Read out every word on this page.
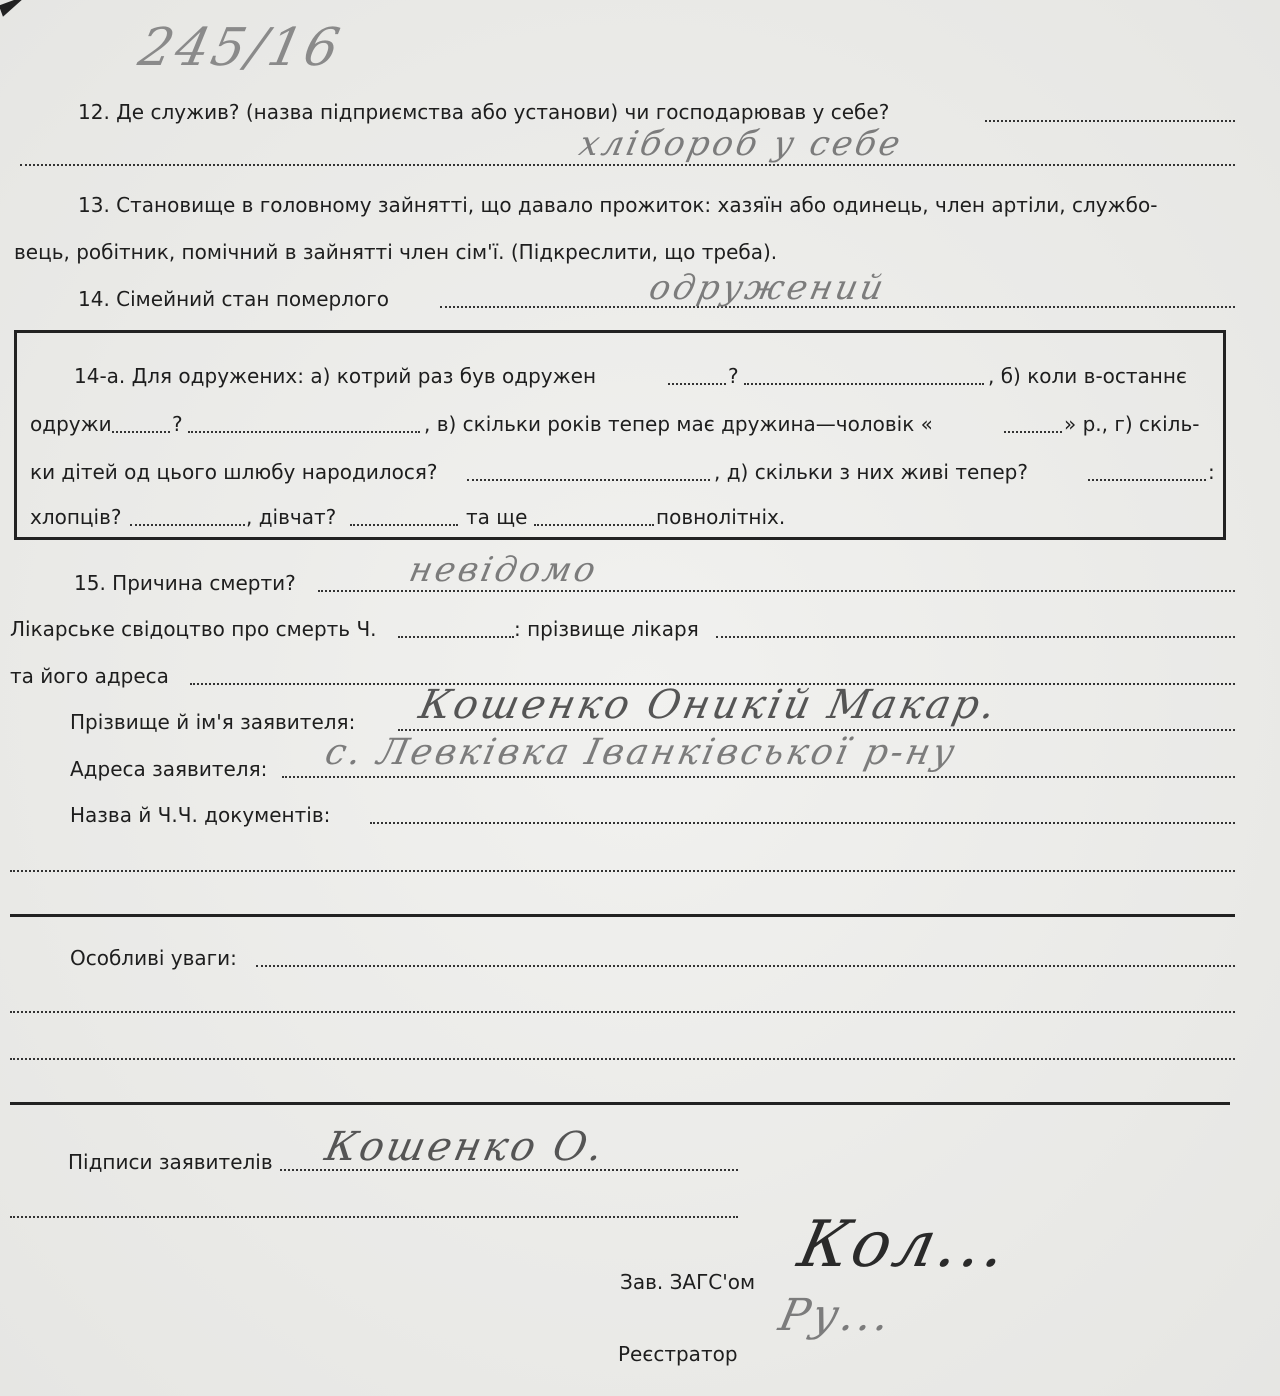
245/16
12. Де служив? (назва підприємства або установи) чи господарював у себе?
хлібороб у себе
13. Становище в головному зайнятті, що давало прожиток: хазяїн або одинець, член артіли, службо-
вець, робітник, помічний в зайнятті член сім'ї. (Підкреслити, що треба).
14. Сімейний стан померлого	одружений
14-а. Для одружених: а) котрий раз був одружен	?	, б) коли в-останнє
одружи	?	, в) скільки років тепер має дружина—чоловік «	» р., г) скіль-
ки дітей од цього шлюбу народилося?	, д) скільки з них живі тепер?	:
хлопців?	, дівчат?	та ще	повнолітніх.
15. Причина смерти?	невідомо
Лікарське свідоцтво про смерть Ч.	: прізвище лікаря
та його адреса
Прізвище й ім'я заявителя: Кошенко Оникій Макар.
Адреса заявителя: с. Левківка Іванківської р-ну
Назва й Ч.Ч. документів:
Особливі уваги:
Підписи заявителів Кошенко О.
Зав. ЗАГС'ом Кол...
Реєстратор
Ру...
